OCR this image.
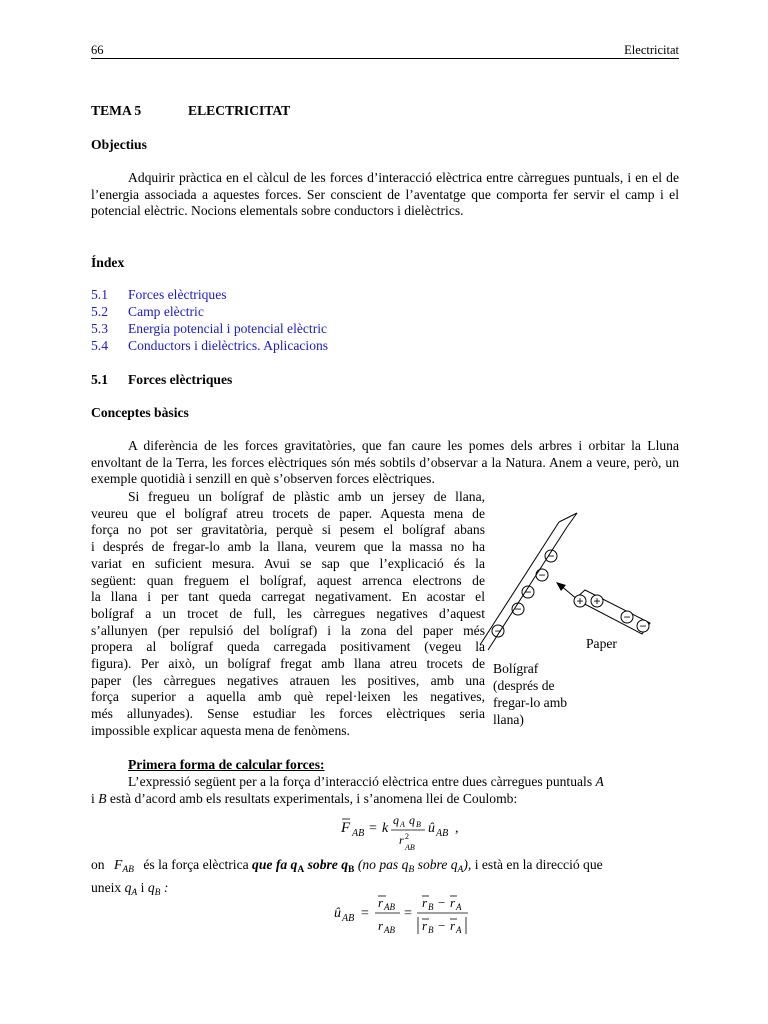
66	Electricitat
TEMA 5	ELECTRICITAT
Objectius

Adquirir pràctica en el càlcul de les forces d’interacció elèctrica entre càrregues puntuals, i en el de l’energia associada a aquestes forces. Ser conscient de l’aventatge que comporta fer servir el camp i el potencial elèctric. Nocions elementals sobre conductors i dielèctrics.

Índex
5.1 Forces elèctriques
5.2 Camp elèctric
5.3 Energia potencial i potencial elèctric
5.4 Conductors i dielèctrics. Aplicacions
5.1 Forces elèctriques
Conceptes bàsics

A diferència de les forces gravitatòries, que fan caure les pomes dels arbres i orbitar la Lluna envoltant de la Terra, les forces elèctriques són més sobtils d’observar a la Natura. Anem a veure, però, un exemple quotidià i senzill en què s’observen forces elèctriques.

Si fregueu un bolígraf de plàstic amb un jersey de llana,
veureu que el bolígraf atreu trocets de paper. Aquesta mena de
força no pot ser gravitatòria, perquè si pesem el bolígraf abans
i després de fregar-lo amb la llana, veurem que la massa no ha
variat en suficient mesura. Avui se sap que l’explicació és la
següent: quan freguem el bolígraf, aquest arrenca electrons de
la llana i per tant queda carregat negativament. En acostar el
bolígraf a un trocet de full, les càrregues negatives d’aquest
s’allunyen (per repulsió del bolígraf) i la zona del paper més
propera al bolígraf queda carregada positivament (vegeu la
figura). Per això, un bolígraf fregat amb llana atreu trocets de
paper (les càrregues negatives atrauen les positives, amb una
força superior a aquella amb què repel·leixen les negatives,
més allunyades). Sense estudiar les forces elèctriques seria
impossible explicar aquesta mena de fenòmens.
−
−
−
−
−
+ +
−
−
Paper
Bolígraf
(després de
fregar-lo amb
llana)
Primera forma de calcular forces:
L’expressió següent per a la força d’interacció elèctrica entre dues càrregues puntuals A
i B està d’acord amb els resultats experimentals, i s’anomena llei de Coulomb:
F AB = k
q A q B
r 2
AB
û AB ,
on $F_{AB}$ és la força elèctrica que fa $q_A$ sobre $q_B$ (no pas $q_B$ sobre $q_A$), i està en la direcció que
uneix $q_A$ i $q_B$ :
û AB =
r AB
r AB
=
r B − r A
r B − r A
